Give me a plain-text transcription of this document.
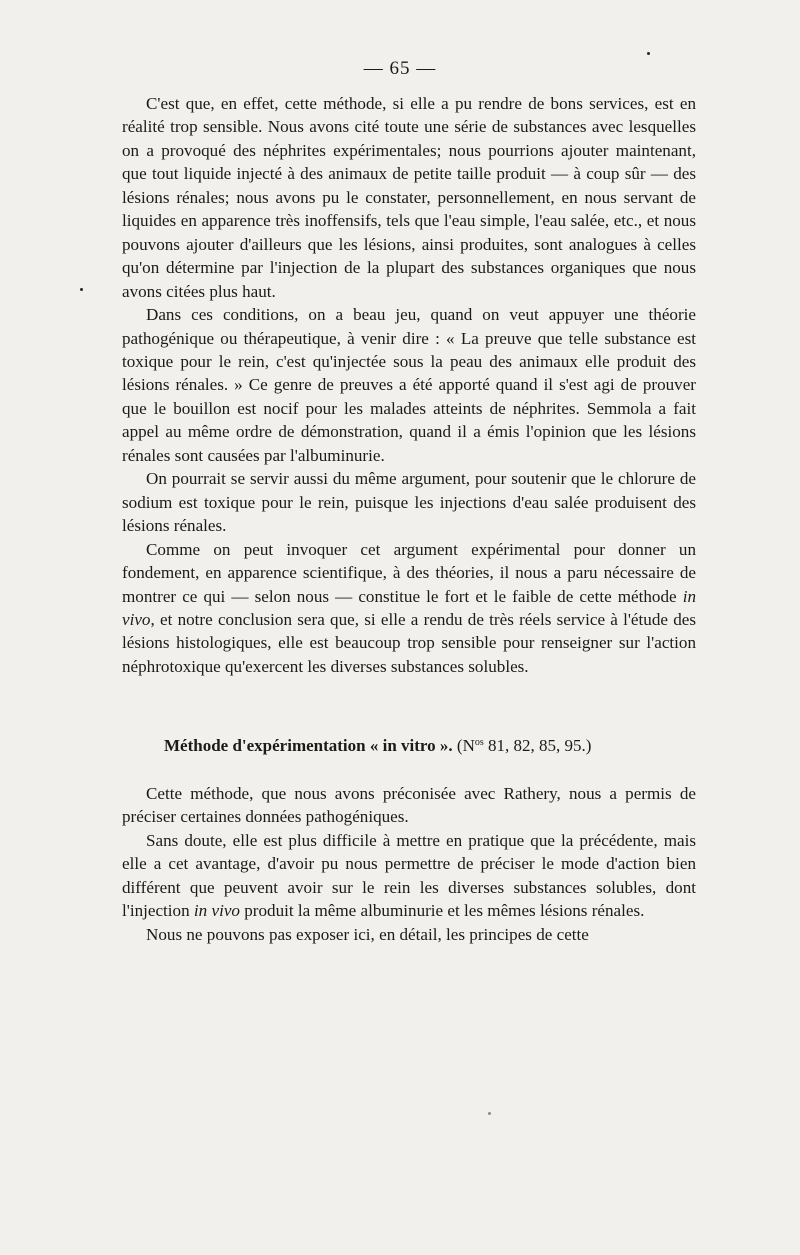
— 65 —

C'est que, en effet, cette méthode, si elle a pu rendre de bons services, est en réalité trop sensible. Nous avons cité toute une série de substances avec lesquelles on a provoqué des néphrites expérimentales; nous pourrions ajouter maintenant, que tout liquide injecté à des animaux de petite taille produit — à coup sûr — des lésions rénales; nous avons pu le constater, personnellement, en nous servant de liquides en apparence très inoffensifs, tels que l'eau simple, l'eau salée, etc., et nous pouvons ajouter d'ailleurs que les lésions, ainsi produites, sont analogues à celles qu'on détermine par l'injection de la plupart des substances organiques que nous avons citées plus haut.

Dans ces conditions, on a beau jeu, quand on veut appuyer une théorie pathogénique ou thérapeutique, à venir dire : « La preuve que telle substance est toxique pour le rein, c'est qu'injectée sous la peau des animaux elle produit des lésions rénales. » Ce genre de preuves a été apporté quand il s'est agi de prouver que le bouillon est nocif pour les malades atteints de néphrites. Semmola a fait appel au même ordre de démonstration, quand il a émis l'opinion que les lésions rénales sont causées par l'albuminurie.

On pourrait se servir aussi du même argument, pour soutenir que le chlorure de sodium est toxique pour le rein, puisque les injections d'eau salée produisent des lésions rénales.

Comme on peut invoquer cet argument expérimental pour donner un fondement, en apparence scientifique, à des théories, il nous a paru nécessaire de montrer ce qui — selon nous — constitue le fort et le faible de cette méthode in vivo, et notre conclusion sera que, si elle a rendu de très réels service à l'étude des lésions histologiques, elle est beaucoup trop sensible pour renseigner sur l'action néphrotoxique qu'exercent les diverses substances solubles.

Méthode d'expérimentation « in vitro ». ($N^{os}$ 81, 82, 85, 95.)

Cette méthode, que nous avons préconisée avec Rathery, nous a permis de préciser certaines données pathogéniques.

Sans doute, elle est plus difficile à mettre en pratique que la précédente, mais elle a cet avantage, d'avoir pu nous permettre de préciser le mode d'action bien différent que peuvent avoir sur le rein les diverses substances solubles, dont l'injection in vivo produit la même albuminurie et les mêmes lésions rénales.

Nous ne pouvons pas exposer ici, en détail, les principes de cette
